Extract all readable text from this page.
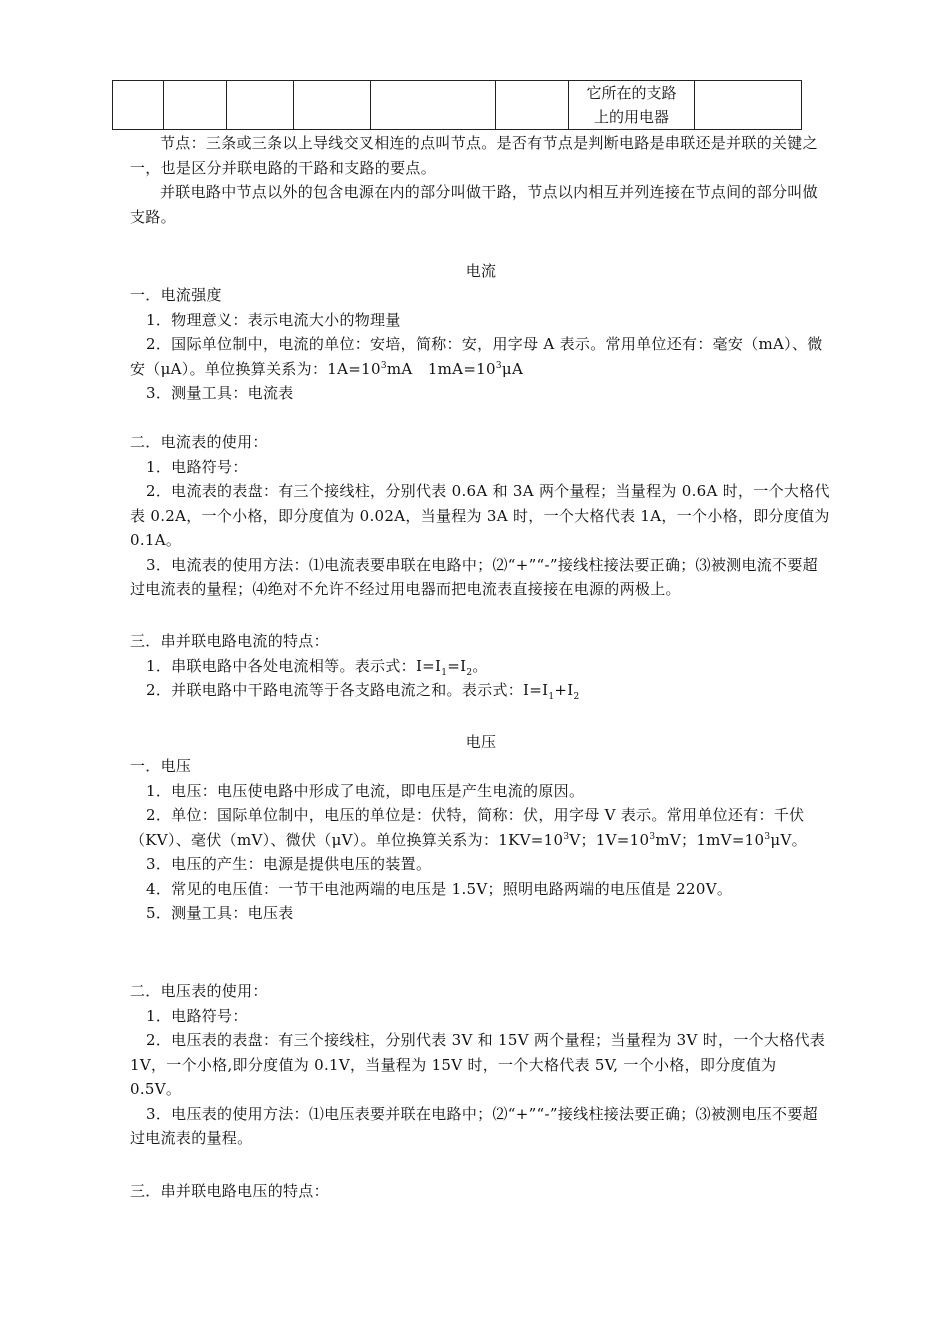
						它所在的支路上的用电器	

节点：三条或三条以上导线交叉相连的点叫节点。是否有节点是判断电路是串联还是并联的关键之一，也是区分并联电路的干路和支路的要点。

并联电路中节点以外的包含电源在内的部分叫做干路，节点以内相互并列连接在节点间的部分叫做支路。

电流

一．电流强度

1．物理意义：表示电流大小的物理量

2．国际单位制中，电流的单位：安培，简称：安，用字母 A 表示。常用单位还有：毫安（mA）、微安（μA）。单位换算关系为：$1A=10^3mA$　$1mA=10^3\mu A$

3．测量工具：电流表

二．电流表的使用：

1．电路符号：

2．电流表的表盘：有三个接线柱，分别代表 0.6A 和 3A 两个量程；当量程为 0.6A 时，一个大格代表 0.2A，一个小格，即分度值为 0.02A，当量程为 3A 时，一个大格代表 1A，一个小格，即分度值为 0.1A。

3．电流表的使用方法：⑴电流表要串联在电路中；⑵“+”“-”接线柱接法要正确；⑶被测电流不要超过电流表的量程；⑷绝对不允许不经过用电器而把电流表直接接在电源的两极上。

三．串并联电路电流的特点：

1．串联电路中各处电流相等。表示式：$I=I_1=I_2$。

2．并联电路中干路电流等于各支路电流之和。表示式：$I=I_1+I_2$

电压

一．电压

1．电压：电压使电路中形成了电流，即电压是产生电流的原因。

2．单位：国际单位制中，电压的单位是：伏特，简称：伏，用字母 V 表示。常用单位还有：千伏（KV）、毫伏（mV）、微伏（μV）。单位换算关系为：$1KV=10^3V$；$1V=10^3mV$；$1mV=10^3\mu V$。

3．电压的产生：电源是提供电压的装置。

4．常见的电压值：一节干电池两端的电压是 1.5V；照明电路两端的电压值是 220V。

5．测量工具：电压表

二．电压表的使用：

1．电路符号：

2．电压表的表盘：有三个接线柱，分别代表 3V 和 15V 两个量程；当量程为 3V 时，一个大格代表 1V，一个小格,即分度值为 0.1V，当量程为 15V 时，一个大格代表 5V, 一个小格，即分度值为 0.5V。

3．电压表的使用方法：⑴电压表要并联在电路中；⑵“+”“-”接线柱接法要正确；⑶被测电压不要超过电流表的量程。

三．串并联电路电压的特点：
